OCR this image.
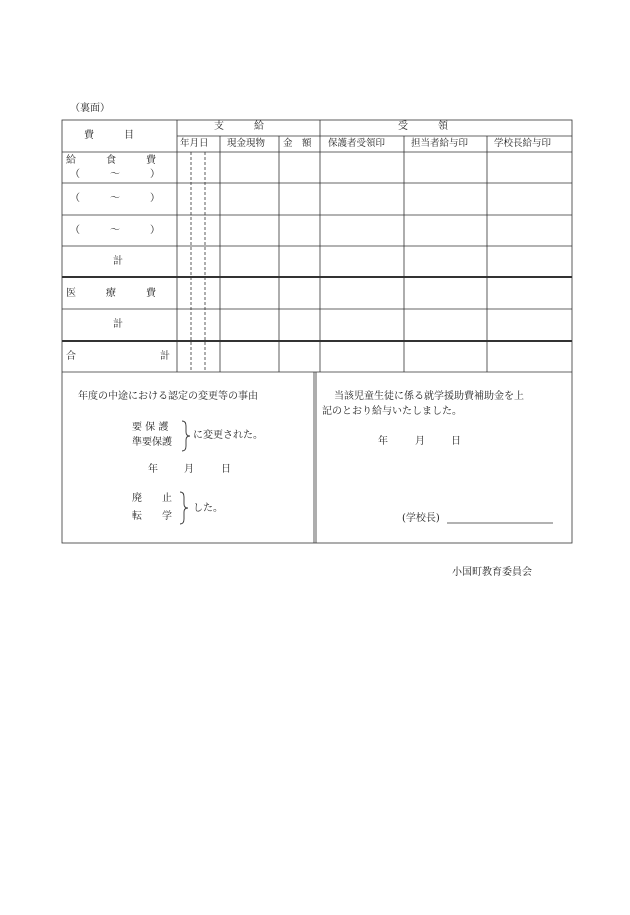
（裏面）
費　　　目
支　　　給	受　　　領
年月日 現金現物 金　額 保護者受領印	担当者給与印	学校長給与印
給　　　食　　　費
（　　　～　　　）
（　　　～　　　）
（　　　～　　　）
計
医　　　療　　　費
計
合	計
年度の中途における認定の変更等の事由
要 保 護
準要保護
に変更された。
年	月	日
廃　　止
転　　学
した。
当該児童生徒に係る就学援助費補助金を上
記のとおり給与いたしました。
年	月	日
(学校長)
小国町教育委員会
